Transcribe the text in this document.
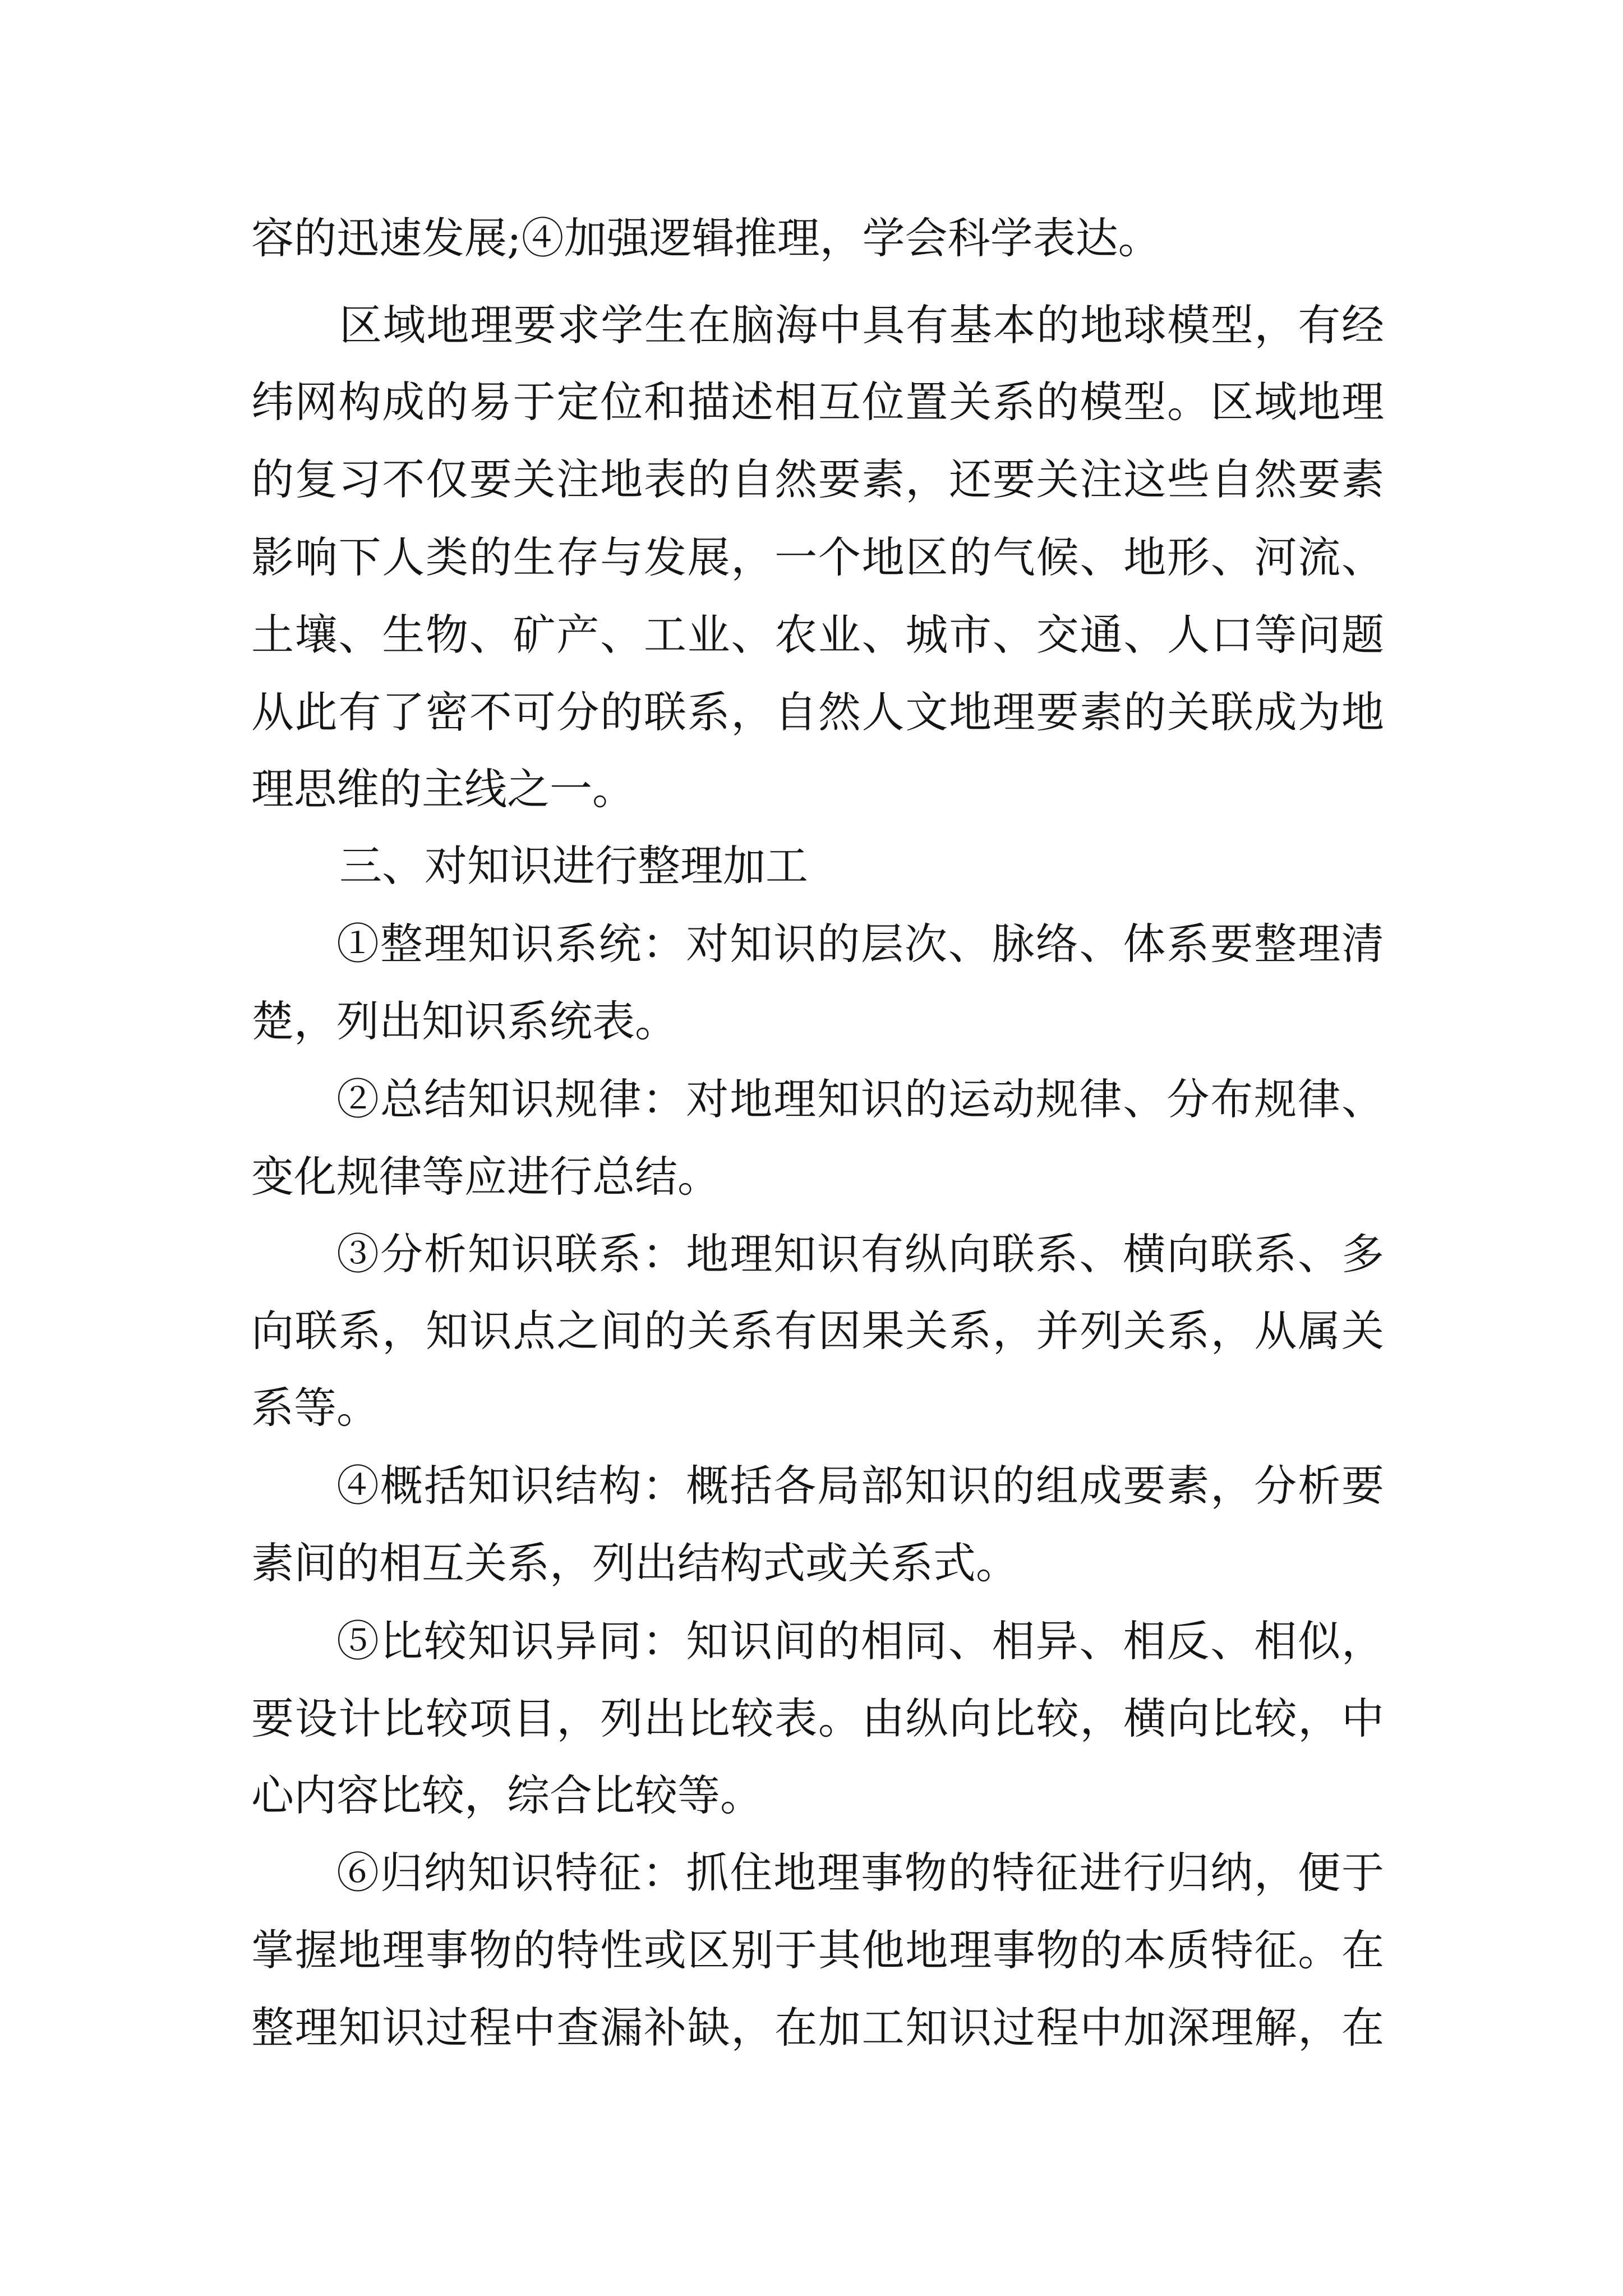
容的迅速发展;④加强逻辑推理，学会科学表达。
区域地理要求学生在脑海中具有基本的地球模型，有经
纬网构成的易于定位和描述相互位置关系的模型。区域地理
的复习不仅要关注地表的自然要素，还要关注这些自然要素
影响下人类的生存与发展，一个地区的气候、地形、河流、
土壤、生物、矿产、工业、农业、城市、交通、人口等问题
从此有了密不可分的联系，自然人文地理要素的关联成为地
理思维的主线之一。
三、对知识进行整理加工
①整理知识系统：对知识的层次、脉络、体系要整理清
楚，列出知识系统表。
②总结知识规律：对地理知识的运动规律、分布规律、
变化规律等应进行总结。
③分析知识联系：地理知识有纵向联系、横向联系、多
向联系，知识点之间的关系有因果关系，并列关系，从属关
系等。
④概括知识结构：概括各局部知识的组成要素，分析要
素间的相互关系，列出结构式或关系式。
⑤比较知识异同：知识间的相同、相异、相反、相似，
要设计比较项目，列出比较表。由纵向比较，横向比较，中
心内容比较，综合比较等。
⑥归纳知识特征：抓住地理事物的特征进行归纳，便于
掌握地理事物的特性或区别于其他地理事物的本质特征。在
整理知识过程中查漏补缺，在加工知识过程中加深理解，在
